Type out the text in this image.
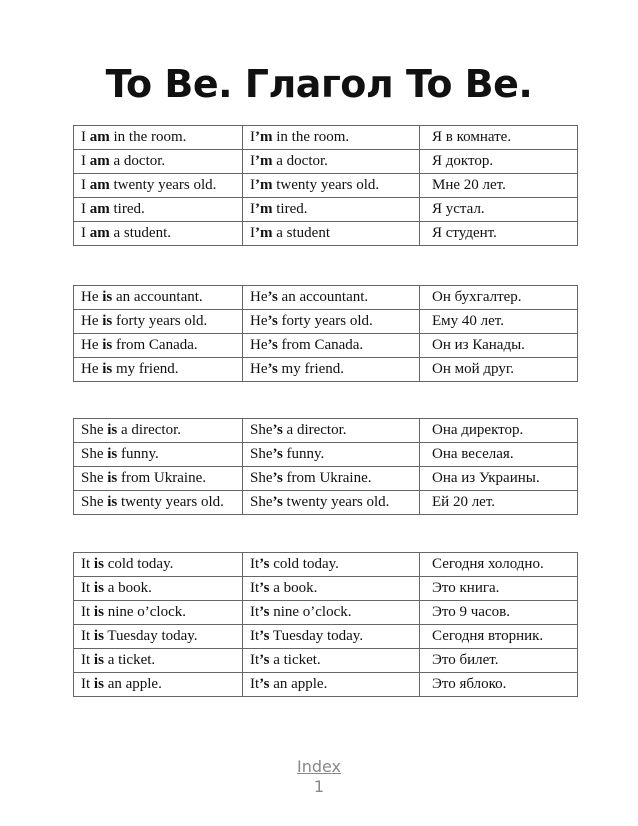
To Be. Глагол To Be.
I am in the room.	I’m in the room.	Я в комнате.
I am a doctor.	I’m a doctor.	Я доктор.
I am twenty years old.	I’m twenty years old.	Мне 20 лет.
I am tired.	I’m tired.	Я устал.
I am a student.	I’m a student	Я студент.
He is an accountant.	He’s an accountant.	Он бухгалтер.
He is forty years old.	He’s forty years old.	Ему 40 лет.
He is from Canada.	He’s from Canada.	Он из Канады.
He is my friend.	He’s my friend.	Он мой друг.
She is a director.	She’s a director.	Она директор.
She is funny.	She’s funny.	Она веселая.
She is from Ukraine.	She’s from Ukraine.	Она из Украины.
She is twenty years old.	She’s twenty years old.	Ей 20 лет.
It is cold today.	It’s cold today.	Сегодня холодно.
It is a book.	It’s a book.	Это книга.
It is nine o’clock.	It’s nine o’clock.	Это 9 часов.
It is Tuesday today.	It’s Tuesday today.	Сегодня вторник.
It is a ticket.	It’s a ticket.	Это билет.
It is an apple.	It’s an apple.	Это яблоко.
Index
1
